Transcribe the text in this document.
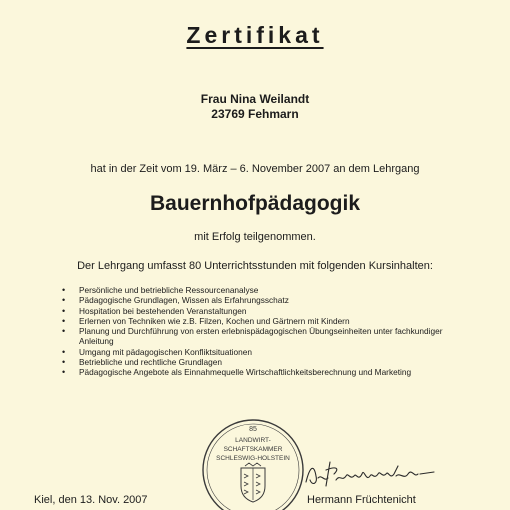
Zertifikat
Frau Nina Weilandt
23769 Fehmarn
hat in der Zeit vom 19. März – 6. November 2007 an dem Lehrgang
Bauernhofpädagogik
mit Erfolg teilgenommen.
Der Lehrgang umfasst 80 Unterrichtsstunden mit folgenden Kursinhalten:
• Persönliche und betriebliche Ressourcenanalyse
• Pädagogische Grundlagen, Wissen als Erfahrungsschatz
• Hospitation bei bestehenden Veranstaltungen
• Erlernen von Techniken wie z.B. Filzen, Kochen und Gärtnern mit Kindern
• Planung und Durchführung von ersten erlebnispädagogischen Übungseinheiten unter fachkundiger Anleitung
• Umgang mit pädagogischen Konfliktsituationen
• Betriebliche und rechtliche Grundlagen
• Pädagogische Angebote als Einnahmequelle Wirtschaftlichkeitsberechnung und Marketing
85
LANDWIRT-
SCHAFTSKAMMER
SCHLESWIG-HOLSTEIN
Kiel, den 13. Nov. 2007	Hermann Früchtenicht
